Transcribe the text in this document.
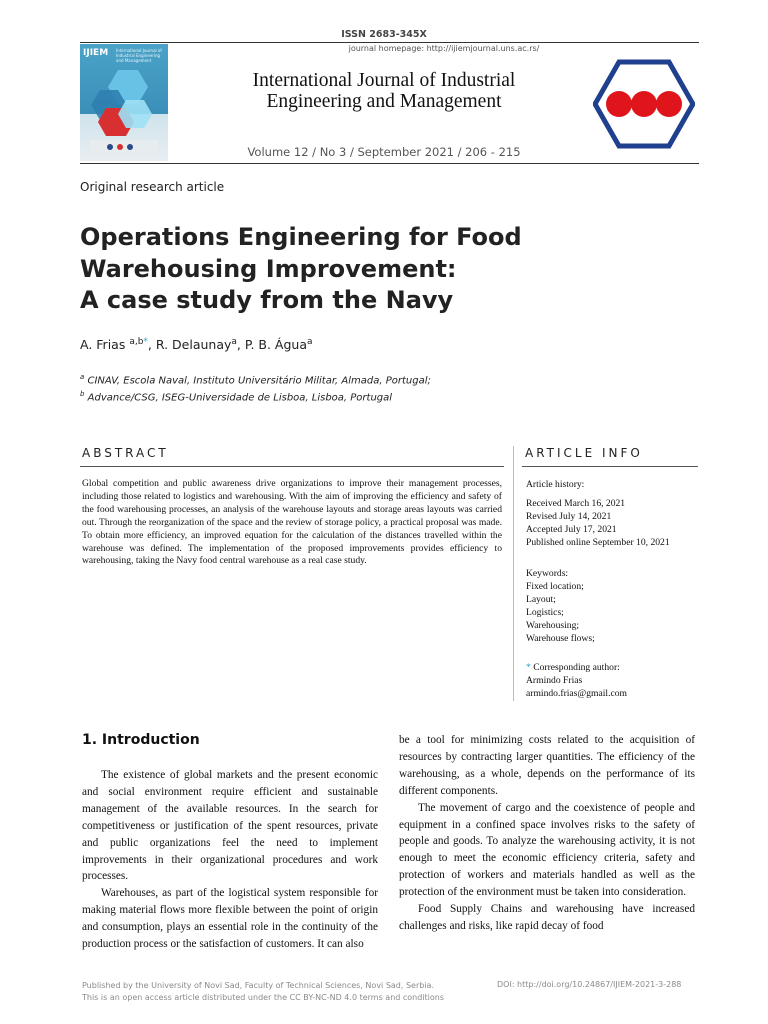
ISSN 2683-345X
journal homepage: http://ijiemjournal.uns.ac.rs/
IJIEM International Journal of Industrial Engineering and Management
International Journal of Industrial
Engineering and Management
Volume 12 / No 3 / September 2021 / 206 - 215
Original research article
Operations Engineering for Food
Warehousing Improvement:
A case study from the Navy
A. Frias $^{a,b*}$, R. Delaunay$^a$, P. B. Água$^a$
$^a$ CINAV, Escola Naval, Instituto Universitário Militar, Almada, Portugal;
$^b$ Advance/CSG, ISEG-Universidade de Lisboa, Lisboa, Portugal
ABSTRACT
Global competition and public awareness drive organizations to improve their management processes, including those related to logistics and warehousing. With the aim of improving the efficiency and safety of the food warehousing processes, an analysis of the warehouse layouts and storage areas layouts was carried out. Through the reorganization of the space and the review of storage policy, a practical proposal was made. To obtain more efficiency, an improved equation for the calculation of the distances travelled within the warehouse was defined. The implementation of the proposed improvements provides efficiency to warehousing, taking the Navy food central warehouse as a real case study.
ARTICLE INFO
Article history:
Received March 16, 2021
Revised July 14, 2021
Accepted July 17, 2021
Published online September 10, 2021
Keywords:
Fixed location;
Layout;
Logistics;
Warehousing;
Warehouse flows;
* Corresponding author:
Armindo Frias
armindo.frias@gmail.com
1. Introduction

The existence of global markets and the present economic and social environment require efficient and sustainable management of the available resources. In the search for competitiveness or justification of the spent resources, private and public organizations feel the need to implement improvements in their organizational procedures and work processes.

Warehouses, as part of the logistical system responsible for making material flows more flexible between the point of origin and consumption, plays an essential role in the continuity of the production process or the satisfaction of customers. It can also

be a tool for minimizing costs related to the acquisition of resources by contracting larger quantities. The efficiency of the warehousing, as a whole, depends on the performance of its different components.

The movement of cargo and the coexistence of people and equipment in a confined space involves risks to the safety of people and goods. To analyze the warehousing activity, it is not enough to meet the economic efficiency criteria, safety and protection of workers and materials handled as well as the protection of the environment must be taken into consideration.

Food Supply Chains and warehousing have increased challenges and risks, like rapid decay of food

Published by the University of Novi Sad, Faculty of Technical Sciences, Novi Sad, Serbia.
This is an open access article distributed under the CC BY-NC-ND 4.0 terms and conditions
DOI: http://doi.org/10.24867/IJIEM-2021-3-288
